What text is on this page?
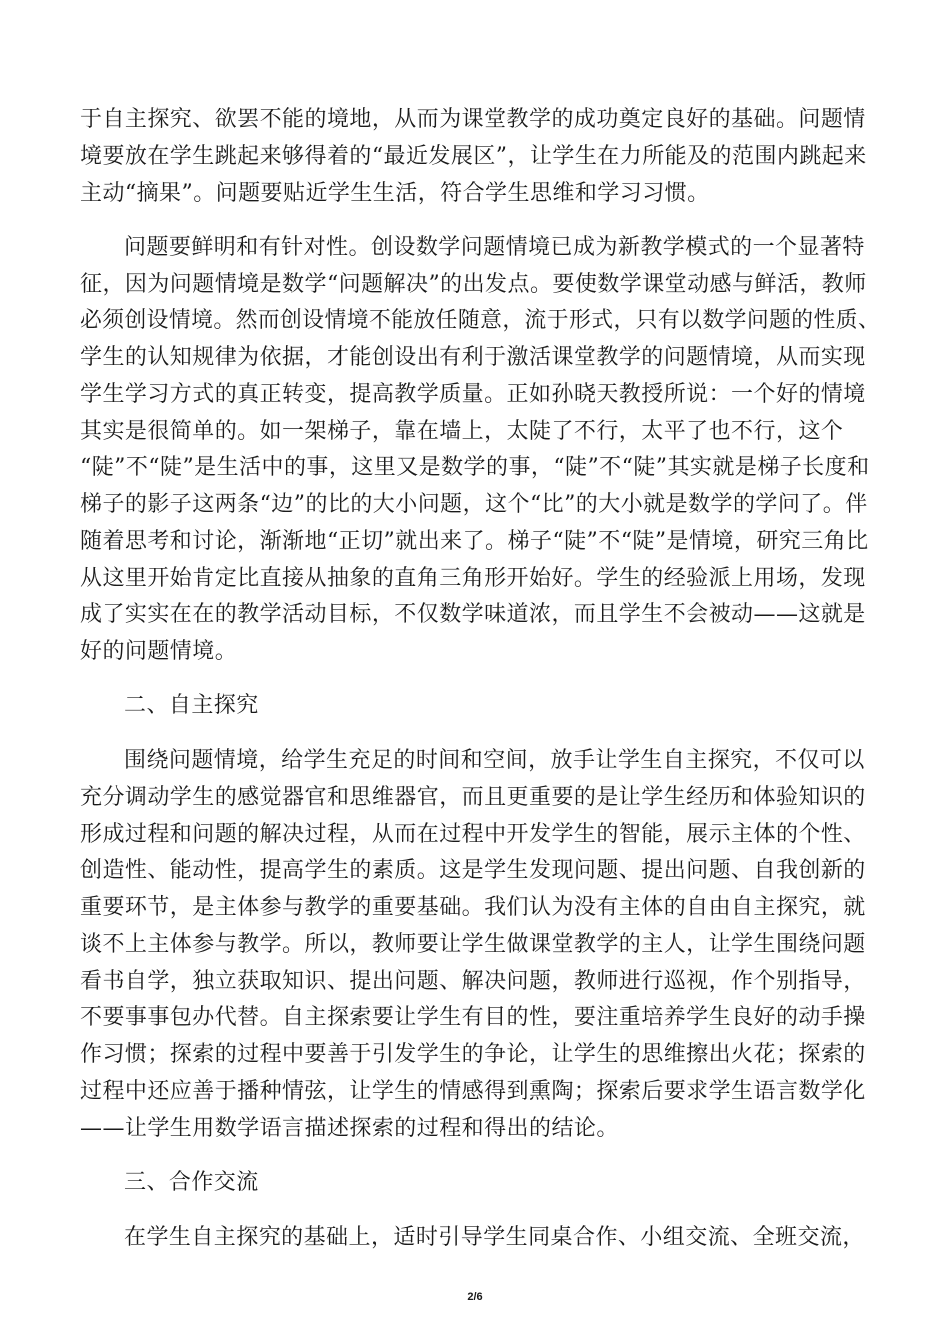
于自主探究、欲罢不能的境地，从而为课堂教学的成功奠定良好的基础。问题情
境要放在学生跳起来够得着的“最近发展区”，让学生在力所能及的范围内跳起来
主动“摘果”。问题要贴近学生生活，符合学生思维和学习习惯。
问题要鲜明和有针对性。创设数学问题情境已成为新教学模式的一个显著特
征，因为问题情境是数学“问题解决”的出发点。要使数学课堂动感与鲜活，教师
必须创设情境。然而创设情境不能放任随意，流于形式，只有以数学问题的性质、
学生的认知规律为依据，才能创设出有利于激活课堂教学的问题情境，从而实现
学生学习方式的真正转变，提高教学质量。正如孙晓天教授所说：一个好的情境
其实是很简单的。如一架梯子，靠在墙上，太陡了不行，太平了也不行，这个
“陡”不“陡”是生活中的事，这里又是数学的事，“陡”不“陡”其实就是梯子长度和
梯子的影子这两条“边”的比的大小问题，这个“比”的大小就是数学的学问了。伴
随着思考和讨论，渐渐地“正切”就出来了。梯子“陡”不“陡”是情境，研究三角比
从这里开始肯定比直接从抽象的直角三角形开始好。学生的经验派上用场，发现
成了实实在在的教学活动目标，不仅数学味道浓，而且学生不会被动——这就是
好的问题情境。
二、自主探究
围绕问题情境，给学生充足的时间和空间，放手让学生自主探究，不仅可以
充分调动学生的感觉器官和思维器官，而且更重要的是让学生经历和体验知识的
形成过程和问题的解决过程，从而在过程中开发学生的智能，展示主体的个性、
创造性、能动性，提高学生的素质。这是学生发现问题、提出问题、自我创新的
重要环节，是主体参与教学的重要基础。我们认为没有主体的自由自主探究，就
谈不上主体参与教学。所以，教师要让学生做课堂教学的主人，让学生围绕问题
看书自学，独立获取知识、提出问题、解决问题，教师进行巡视，作个别指导，
不要事事包办代替。自主探索要让学生有目的性，要注重培养学生良好的动手操
作习惯；探索的过程中要善于引发学生的争论，让学生的思维擦出火花；探索的
过程中还应善于播种情弦，让学生的情感得到熏陶；探索后要求学生语言数学化
——让学生用数学语言描述探索的过程和得出的结论。
三、合作交流
在学生自主探究的基础上，适时引导学生同桌合作、小组交流、全班交流，
2/6
